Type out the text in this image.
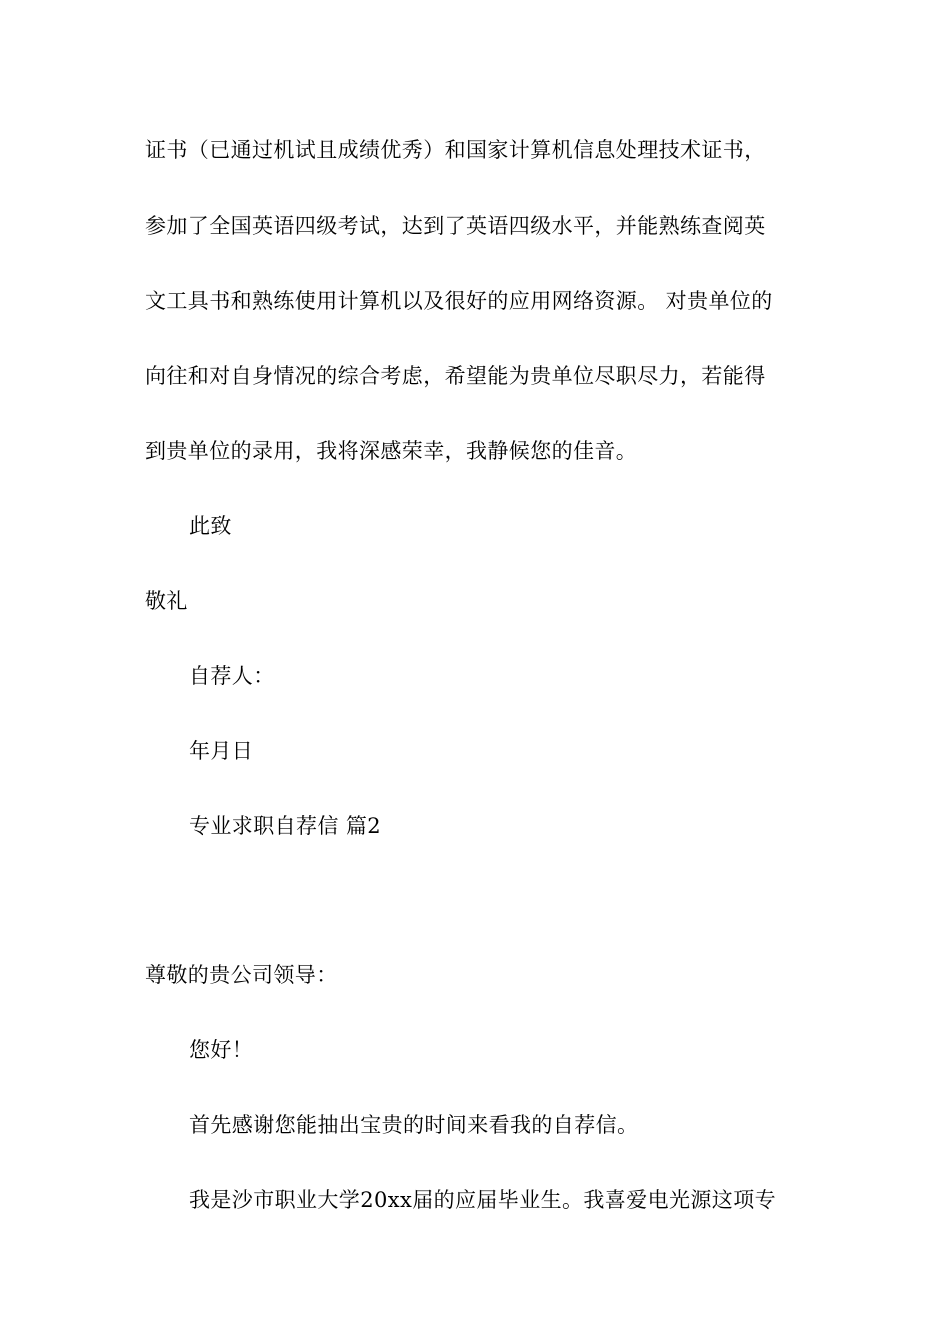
证书（已通过机试且成绩优秀）和国家计算机信息处理技术证书，
参加了全国英语四级考试，达到了英语四级水平，并能熟练查阅英
文工具书和熟练使用计算机以及很好的应用网络资源。 对贵单位的
向往和对自身情况的综合考虑，希望能为贵单位尽职尽力，若能得
到贵单位的录用，我将深感荣幸，我静候您的佳音。
此致
敬礼
自荐人：
年月日
专业求职自荐信 篇2
尊敬的贵公司领导：
您好！
首先感谢您能抽出宝贵的时间来看我的自荐信。
我是沙市职业大学20xx届的应届毕业生。我喜爱电光源这项专
